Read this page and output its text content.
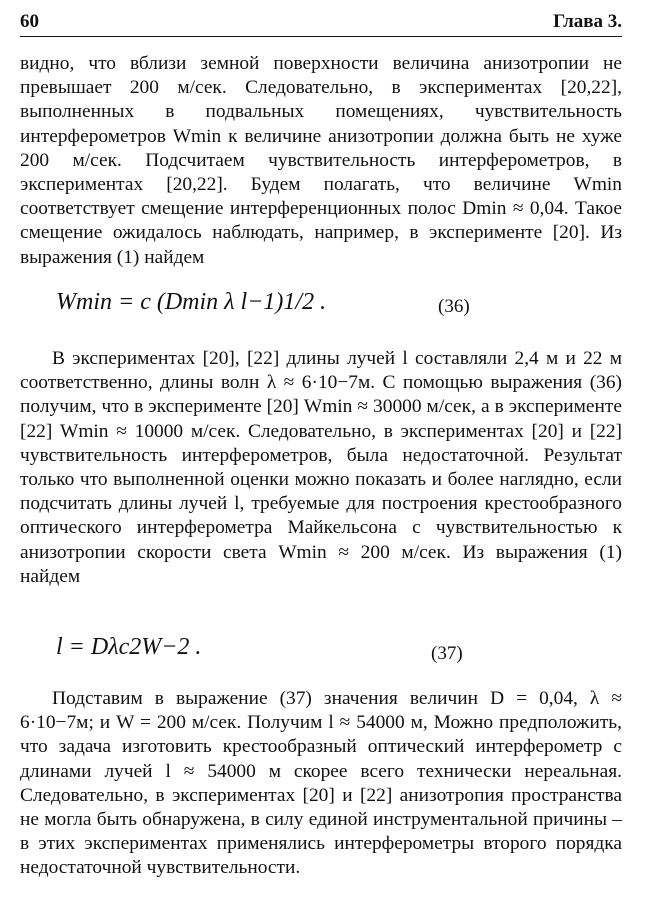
60	Глава 3.

видно, что вблизи земной поверхности величина анизотропии не превышает 200 м/сек. Следовательно, в экспериментах [20,22], выполненных в подвальных помещениях, чувствительность интерферометров Wmin к величине анизотропии должна быть не хуже 200 м/сек. Подсчитаем чувствительность интерферометров, в экспериментах [20,22]. Будем полагать, что величине Wmin соответствует смещение интерференционных полос Dmin ≈ 0,04. Такое смещение ожидалось наблюдать, например, в эксперименте [20]. Из выражения (1) найдем

Wmin = c (Dmin λ l−1)1/2 .	(36)

В экспериментах [20], [22] длины лучей l составляли 2,4 м и 22 м соответственно, длины волн λ ≈ 6·10−7м. С помощью выражения (36) получим, что в эксперименте [20] Wmin ≈ 30000 м/сек, а в эксперименте [22] Wmin ≈ 10000 м/сек. Следовательно, в экспериментах [20] и [22] чувствительность интерферометров, была недостаточной. Результат только что выполненной оценки можно показать и более наглядно, если подсчитать длины лучей l, требуемые для построения крестообразного оптического интерферометра Майкельсона с чувствительностью к анизотропии скорости света Wmin ≈ 200 м/сек. Из выражения (1) найдем

l = Dλc2W−2 .	(37)

Подставим в выражение (37) значения величин D = 0,04, λ ≈ 6·10−7м; и W = 200 м/сек. Получим l ≈ 54000 м, Можно предположить, что задача изготовить крестообразный оптический интерферометр с длинами лучей l ≈ 54000 м скорее всего технически нереальная. Следовательно, в экспериментах [20] и [22] анизотропия пространства не могла быть обнаружена, в силу единой инструментальной причины – в этих экспериментах применялись интерферометры второго порядка недостаточной чувствительности.
